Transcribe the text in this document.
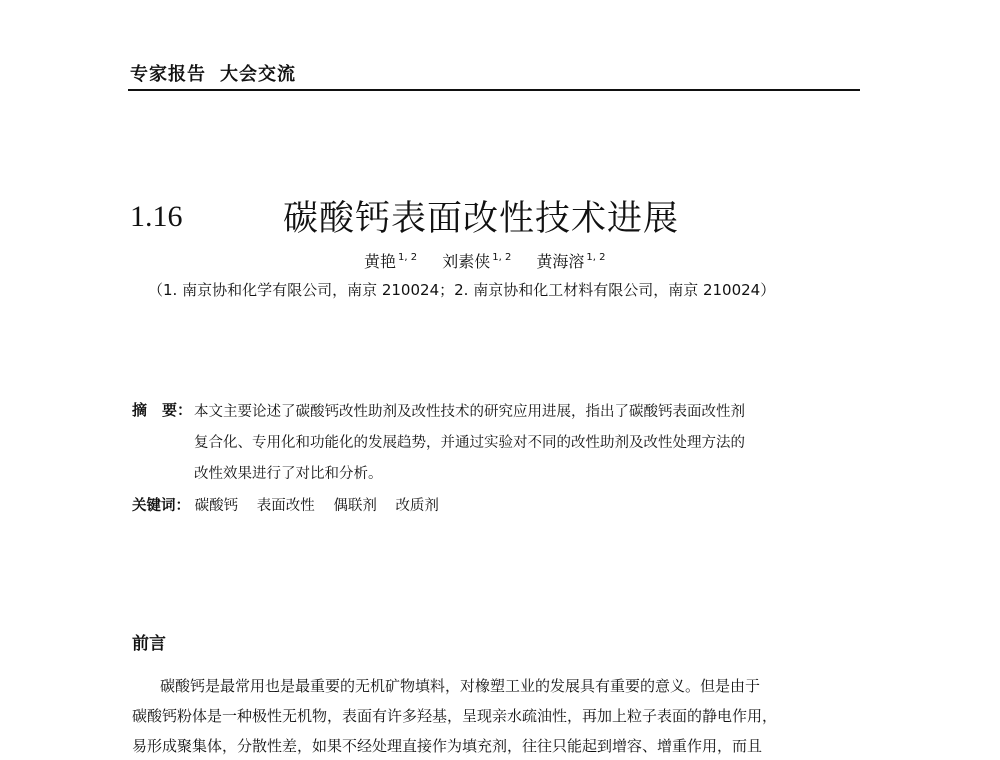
专家报告 大会交流
1.16	碳酸钙表面改性技术进展
黄艳 $^{1, 2}$ 刘素侠 $^{1, 2}$ 黄海溶 $^{1, 2}$
（1. 南京协和化学有限公司，南京 210024；2. 南京协和化工材料有限公司，南京 210024）
摘　要： 本文主要论述了碳酸钙改性助剂及改性技术的研究应用进展，指出了碳酸钙表面改性剂
复合化、专用化和功能化的发展趋势，并通过实验对不同的改性助剂及改性处理方法的
改性效果进行了对比和分析。
关键词： 碳酸钙 表面改性 偶联剂 改质剂
前言
碳酸钙是最常用也是最重要的无机矿物填料，对橡塑工业的发展具有重要的意义。但是由于
碳酸钙粉体是一种极性无机物，表面有许多羟基，呈现亲水疏油性，再加上粒子表面的静电作用，
易形成聚集体，分散性差，如果不经处理直接作为填充剂，往往只能起到增容、增重作用，而且
